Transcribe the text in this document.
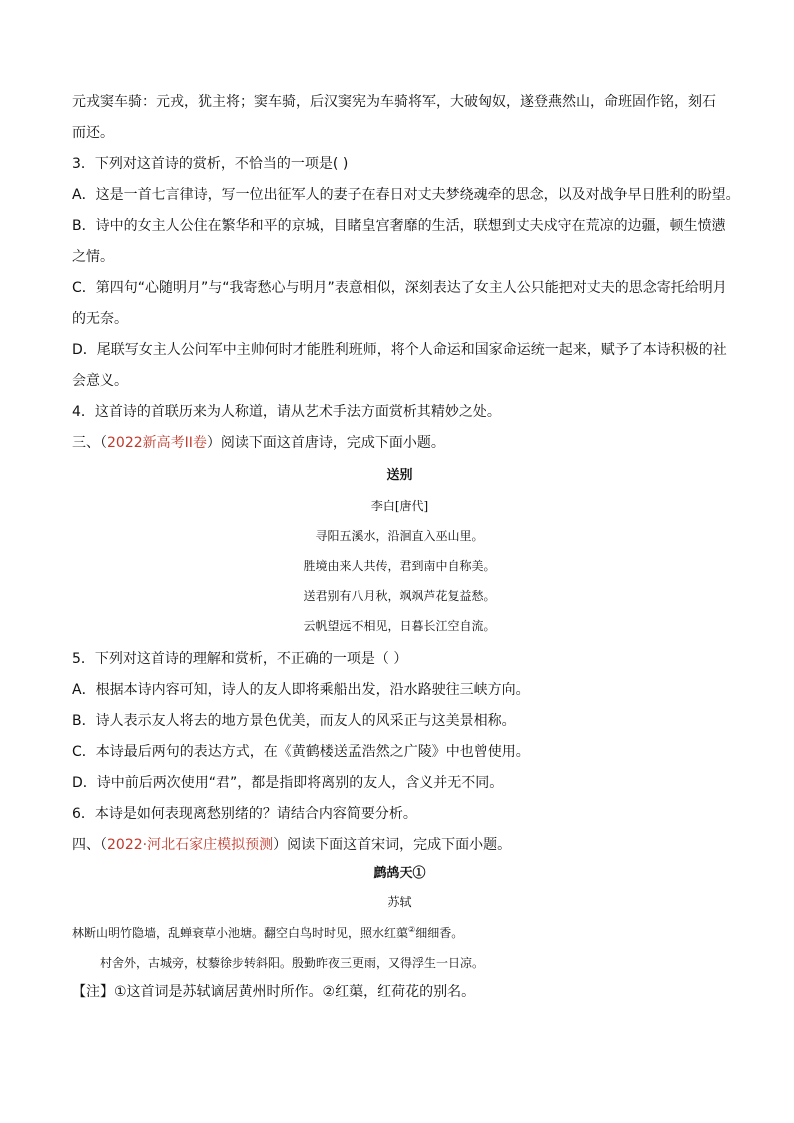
元戎窦车骑：元戎，犹主将；窦车骑，后汉窦宪为车骑将军，大破匈奴，遂登燕然山，命班固作铭，刻石

而还。

3．下列对这首诗的赏析，不恰当的一项是( )

A．这是一首七言律诗，写一位出征军人的妻子在春日对丈夫梦绕魂牵的思念，以及对战争早日胜利的盼望。

B．诗中的女主人公住在繁华和平的京城，目睹皇宫奢靡的生活，联想到丈夫戍守在荒凉的边疆，顿生愤懑

之情。

C．第四句“心随明月”与“我寄愁心与明月”表意相似，深刻表达了女主人公只能把对丈夫的思念寄托给明月

的无奈。

D．尾联写女主人公问军中主帅何时才能胜利班师，将个人命运和国家命运统一起来，赋予了本诗积极的社

会意义。

4．这首诗的首联历来为人称道，请从艺术手法方面赏析其精妙之处。

三、（2022新高考II卷）阅读下面这首唐诗，完成下面小题。

送别

李白[唐代]

寻阳五溪水，沿洄直入巫山里。

胜境由来人共传，君到南中自称美。

送君别有八月秋，飒飒芦花复益愁。

云帆望远不相见，日暮长江空自流。

5．下列对这首诗的理解和赏析，不正确的一项是（ ）

A．根据本诗内容可知，诗人的友人即将乘船出发，沿水路驶往三峡方向。

B．诗人表示友人将去的地方景色优美，而友人的风采正与这美景相称。

C．本诗最后两句的表达方式，在《黄鹤楼送孟浩然之广陵》中也曾使用。

D．诗中前后两次使用“君”，都是指即将离别的友人，含义并无不同。

6．本诗是如何表现离愁别绪的？请结合内容简要分析。

四、（2022·河北石家庄模拟预测）阅读下面这首宋词，完成下面小题。

鹧鸪天①

苏轼

林断山明竹隐墙，乱蝉衰草小池塘。翻空白鸟时时见，照水红蕖②细细香。

村舍外，古城旁，杖藜徐步转斜阳。殷勤昨夜三更雨，又得浮生一日凉。

【注】①这首词是苏轼谪居黄州时所作。②红蕖，红荷花的别名。
